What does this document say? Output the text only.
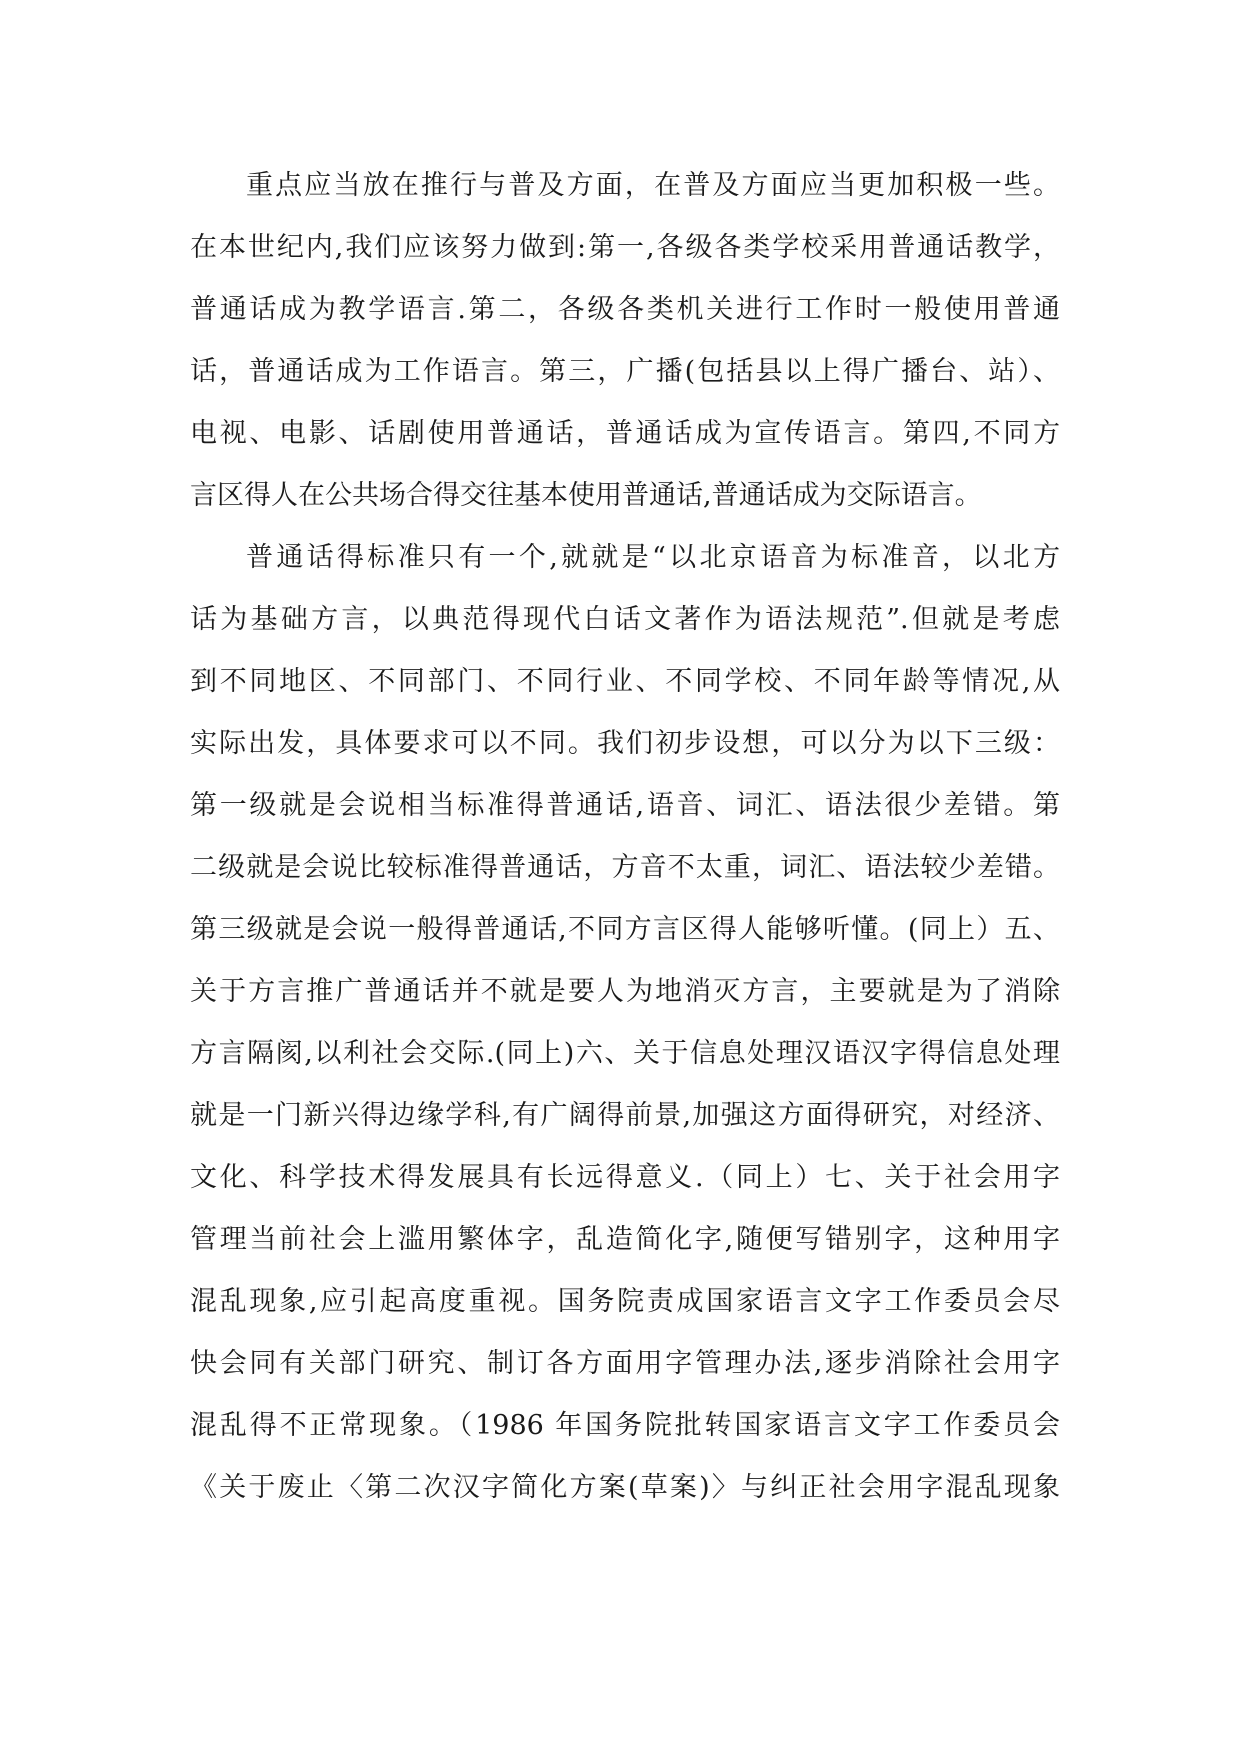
重点应当放在推行与普及方面，在普及方面应当更加积极一些。
在本世纪内,我们应该努力做到:第一,各级各类学校采用普通话教学，
普通话成为教学语言.第二，各级各类机关进行工作时一般使用普通
话，普通话成为工作语言。第三，广播(包括县以上得广播台、站）、
电视、电影、话剧使用普通话，普通话成为宣传语言。第四,不同方
言区得人在公共场合得交往基本使用普通话,普通话成为交际语言。
普通话得标准只有一个,就就是“以北京语音为标准音，以北方
话为基础方言，以典范得现代白话文著作为语法规范”.但就是考虑
到不同地区、不同部门、不同行业、不同学校、不同年龄等情况,从
实际出发，具体要求可以不同。我们初步设想，可以分为以下三级：
第一级就是会说相当标准得普通话,语音、词汇、语法很少差错。第
二级就是会说比较标准得普通话，方音不太重，词汇、语法较少差错。
第三级就是会说一般得普通话,不同方言区得人能够听懂。(同上）五、
关于方言推广普通话并不就是要人为地消灭方言，主要就是为了消除
方言隔阂,以利社会交际.(同上)六、关于信息处理汉语汉字得信息处理
就是一门新兴得边缘学科,有广阔得前景,加强这方面得研究，对经济、
文化、科学技术得发展具有长远得意义.（同上）七、关于社会用字
管理当前社会上滥用繁体字，乱造简化字,随便写错别字，这种用字
混乱现象,应引起高度重视。国务院责成国家语言文字工作委员会尽
快会同有关部门研究、制订各方面用字管理办法,逐步消除社会用字
混乱得不正常现象。（1986 年国务院批转国家语言文字工作委员会
《关于废止〈第二次汉字简化方案(草案)〉与纠正社会用字混乱现象
